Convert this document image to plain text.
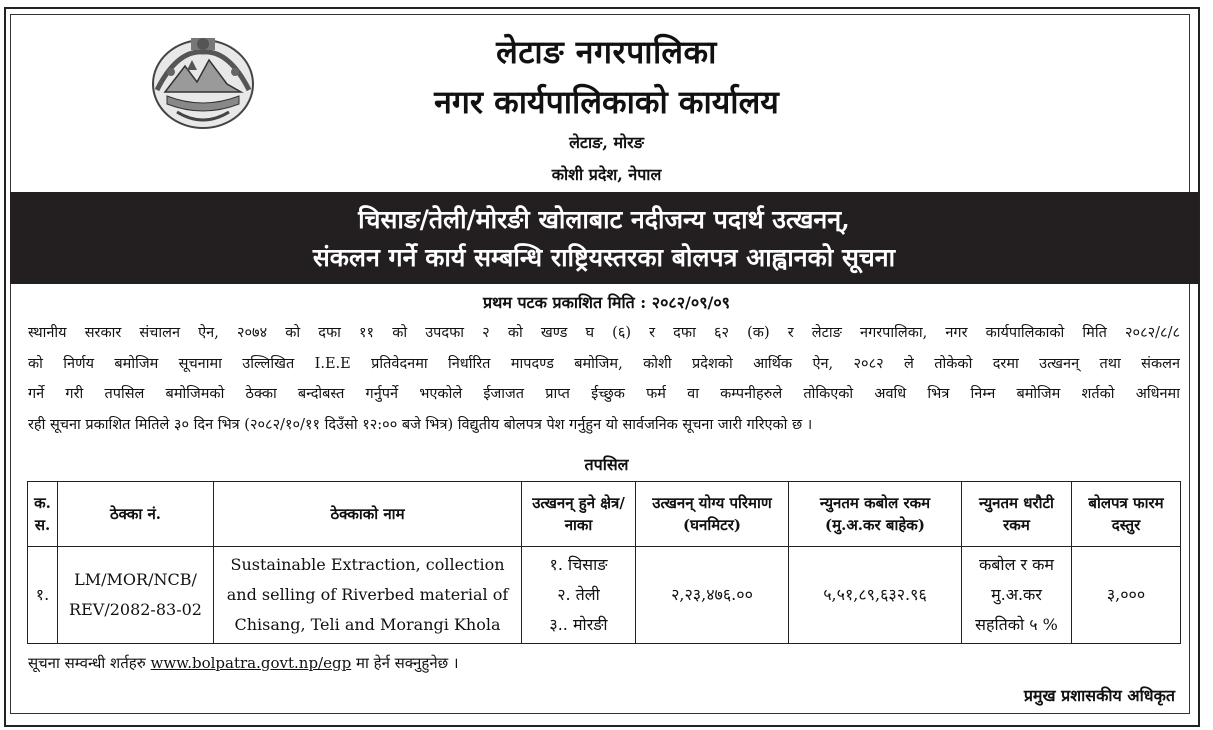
लेटाङ नगरपालिका
नगर कार्यपालिकाको कार्यालय
लेटाङ, मोरङ
कोशी प्रदेश, नेपाल
चिसाङ/तेली/मोरङी खोलाबाट नदीजन्य पदार्थ उत्खनन्,
संकलन गर्ने कार्य सम्बन्धि राष्ट्रियस्तरका बोलपत्र आह्वानको सूचना
प्रथम पटक प्रकाशित मिति : २०८२/०९/०९
स्थानीय सरकार संचालन ऐन, २०७४ को दफा ११ को उपदफा २ को खण्ड घ (६) र दफा ६२ (क) र लेटाङ नगरपालिका, नगर कार्यपालिकाको मिति २०८२/८/८
को निर्णय बमोजिम सूचनामा उल्लिखित I.E.E प्रतिवेदनमा निर्धारित मापदण्ड बमोजिम, कोशी प्रदेशको आर्थिक ऐन, २०८२ ले तोकेको दरमा उत्खनन् तथा संकलन
गर्ने गरी तपसिल बमोजिमको ठेक्का बन्दोबस्त गर्नुपर्ने भएकोले ईजाजत प्राप्त ईच्छुक फर्म वा कम्पनीहरुले तोकिएको अवधि भित्र निम्न बमोजिम शर्तको अधिनमा
रही सूचना प्रकाशित मितिले ३० दिन भित्र (२०८२/१०/११ दिउँसो १२:०० बजे भित्र) विद्युतीय बोलपत्र पेश गर्नुहुन यो सार्वजनिक सूचना जारी गरिएको छ ।
तपसिल
क. स.	ठेक्का नं.	ठेक्काको नाम	उत्खनन् हुने क्षेत्र/नाका	उत्खनन् योग्य परिमाण (घनमिटर)	न्युनतम कबोल रकम (मु.अ.कर बाहेक)	न्युनतम धरौटी रकम	बोलपत्र फारम दस्तुर
१.	LM/MOR/NCB/ REV/2082-83-02	Sustainable Extraction, collection and selling of Riverbed material of Chisang, Teli and Morangi Khola	१. चिसाङ
२. तेली
३.. मोरङी	२,२३,४७६.००	५,५१,८९,६३२.९६	कबोल र कम मु.अ.कर सहतिको ५ %	३,०००
सूचना सम्वन्धी शर्तहरु www.bolpatra.govt.np/egp मा हेर्न सक्नुहुनेछ ।
प्रमुख प्रशासकीय अधिकृत
